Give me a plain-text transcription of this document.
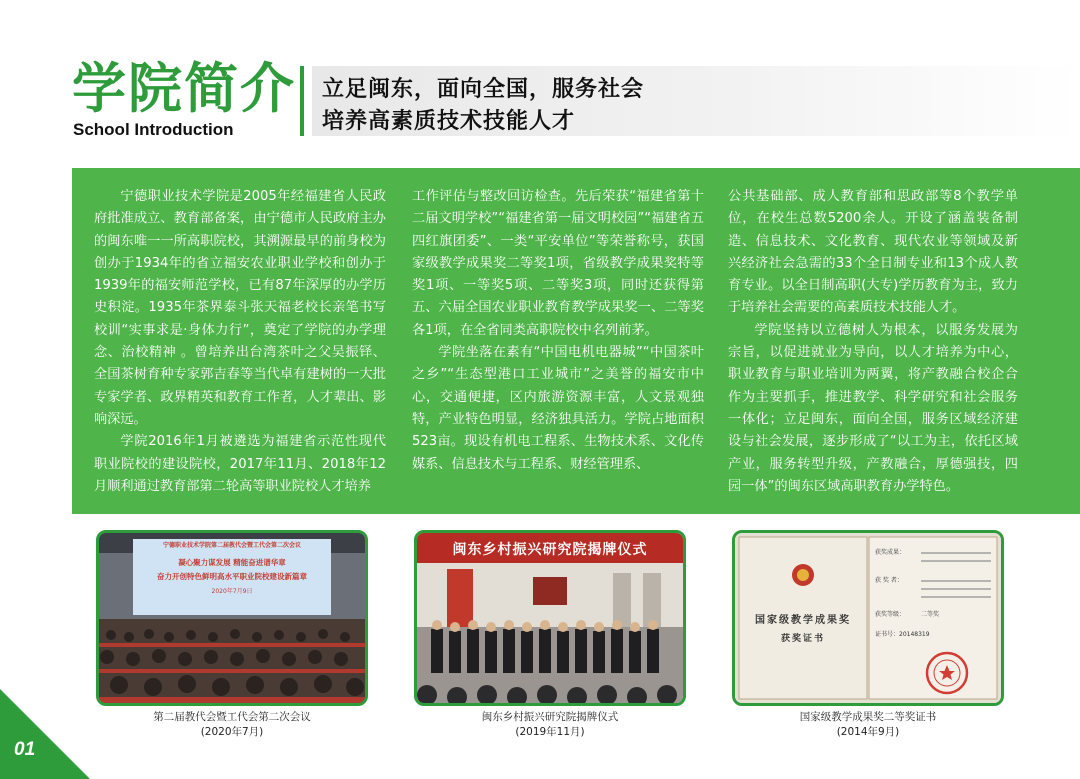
学院简介
School Introduction
立足闽东，面向全国，服务社会
培养高素质技术技能人才

宁德职业技术学院是2005年经福建省人民政府批准成立、教育部备案，由宁德市人民政府主办的闽东唯一一所高职院校，其溯源最早的前身校为创办于1934年的省立福安农业职业学校和创办于1939年的福安师范学校，已有87年深厚的办学历史积淀。1935年茶界泰斗张天福老校长亲笔书写校训“实事求是·身体力行”，奠定了学院的办学理念、治校精神 。曾培养出台湾茶叶之父吴振铎、全国茶树育种专家郭吉春等当代卓有建树的一大批专家学者、政界精英和教育工作者，人才辈出、影响深远。

学院2016年1月被遴选为福建省示范性现代职业院校的建设院校，2017年11月、2018年12月顺利通过教育部第二轮高等职业院校人才培养

工作评估与整改回访检查。先后荣获“福建省第十二届文明学校”“福建省第一届文明校园”“福建省五四红旗团委”、一类“平安单位”等荣誉称号，获国家级教学成果奖二等奖1项，省级教学成果奖特等奖1项、一等奖5项、二等奖3项，同时还获得第五、六届全国农业职业教育教学成果奖一、二等奖各1项，在全省同类高职院校中名列前茅。

学院坐落在素有“中国电机电器城”“中国茶叶之乡”“生态型港口工业城市”之美誉的福安市中心，交通便捷，区内旅游资源丰富，人文景观独特，产业特色明显，经济独具活力。学院占地面积523亩。现设有机电工程系、生物技术系、文化传媒系、信息技术与工程系、财经管理系、

公共基础部、成人教育部和思政部等8个教学单位，在校生总数5200余人。开设了涵盖装备制造、信息技术、文化教育、现代农业等领域及新兴经济社会急需的33个全日制专业和13个成人教育专业。以全日制高职(大专)学历教育为主，致力于培养社会需要的高素质技术技能人才。

学院坚持以立德树人为根本，以服务发展为宗旨，以促进就业为导向，以人才培养为中心，职业教育与职业培训为两翼，将产教融合校企合作为主要抓手，推进教学、科学研究和社会服务一体化；立足闽东，面向全国，服务区域经济建设与社会发展，逐步形成了“以工为主，依托区域产业，服务转型升级，产教融合，厚德强技，四园一体”的闽东区域高职教育办学特色。

宁德职业技术学院第二届教代会暨工代会第二次会议
凝心聚力谋发展 精能奋进谱华章
奋力开创特色鲜明高水平职业院校建设新篇章
2020年7月9日
第二届教代会暨工代会第二次会议
(2020年7月)
闽东乡村振兴研究院揭牌仪式
闽东乡村振兴研究院揭牌仪式
(2019年11月)
国家级教学成果奖
获奖证书
获奖成果：
获 奖 者：
获奖等级：	二等奖
证书号：20148319
国家级教学成果奖二等奖证书
(2014年9月)
01
